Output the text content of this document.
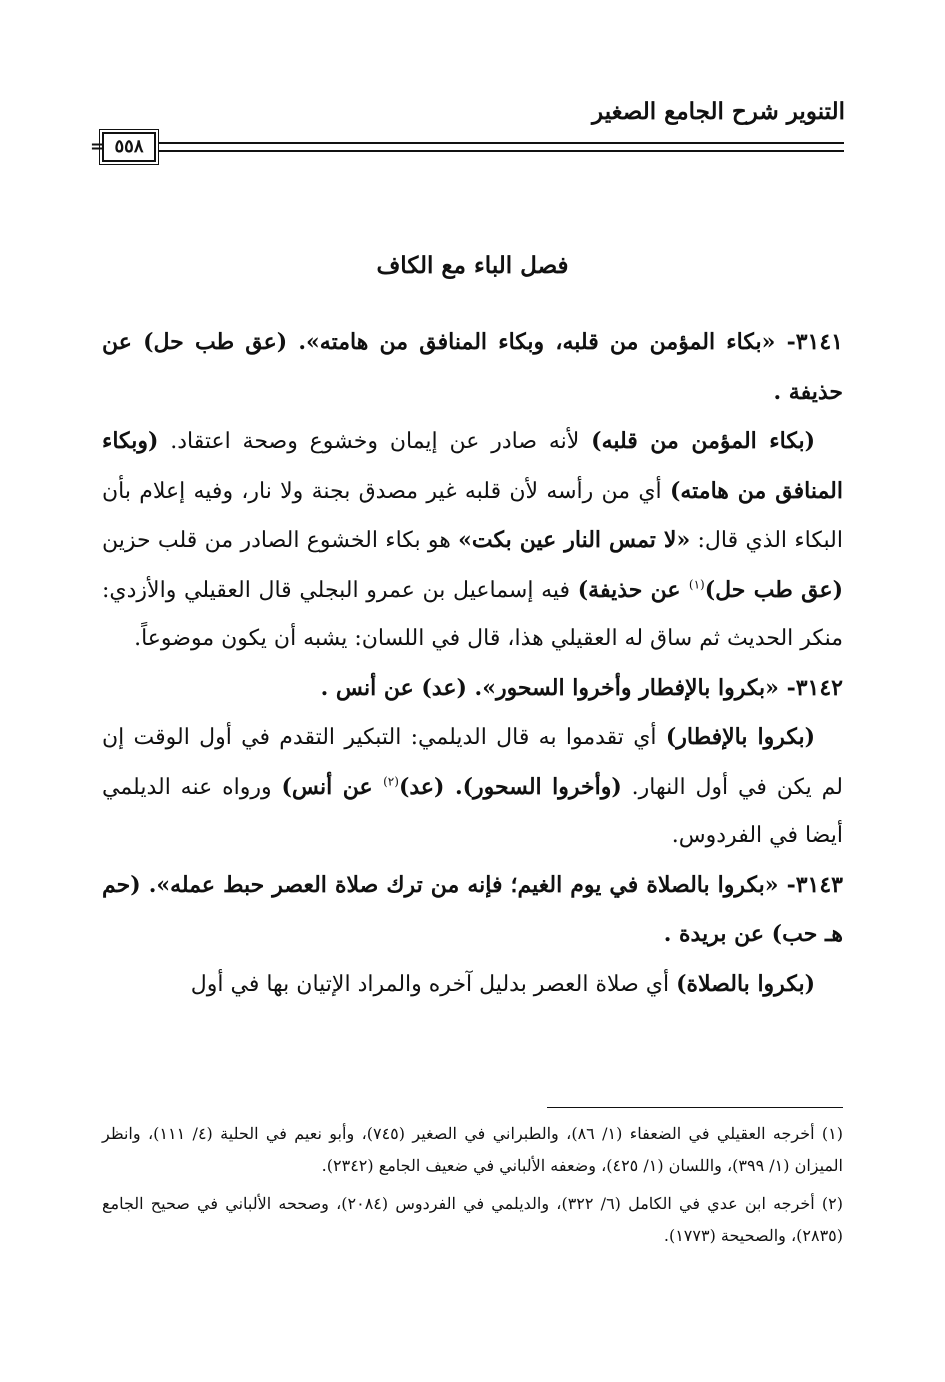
التنوير شرح الجامع الصغير
٥٥٨
=
فصل الباء مع الكاف

٣١٤١- «بكاء المؤمن من قلبه، وبكاء المنافق من هامته». (عق طب حل) عن حذيفة .

(بكاء المؤمن من قلبه) لأنه صادر عن إيمان وخشوع وصحة اعتقاد. (وبكاء المنافق من هامته) أي من رأسه لأن قلبه غير مصدق بجنة ولا نار، وفيه إعلام بأن البكاء الذي قال: «لا تمس النار عين بكت» هو بكاء الخشوع الصادر من قلب حزين (عق طب حل)$^{(١)}$ عن حذيفة) فيه إسماعيل بن عمرو البجلي قال العقيلي والأزدي: منكر الحديث ثم ساق له العقيلي هذا، قال في اللسان: يشبه أن يكون موضوعاً.

٣١٤٢- «بكروا بالإفطار وأخروا السحور». (عد) عن أنس .

(بكروا بالإفطار) أي تقدموا به قال الديلمي: التبكير التقدم في أول الوقت إن لم يكن في أول النهار. (وأخروا السحور). (عد)$^{(٢)}$ عن أنس) ورواه عنه الديلمي أيضا في الفردوس.

٣١٤٣- «بكروا بالصلاة في يوم الغيم؛ فإنه من ترك صلاة العصر حبط عمله». (حم هـ حب) عن بريدة .

(بكروا بالصلاة) أي صلاة العصر بدليل آخره والمراد الإتيان بها في أول

(١) أخرجه العقيلي في الضعفاء (١/ ٨٦)، والطبراني في الصغير (٧٤٥)، وأبو نعيم في الحلية (٤/ ١١١)، وانظر الميزان (١/ ٣٩٩)، واللسان (١/ ٤٢٥)، وضعفه الألباني في ضعيف الجامع (٢٣٤٢).

(٢) أخرجه ابن عدي في الكامل (٦/ ٣٢٢)، والديلمي في الفردوس (٢٠٨٤)، وصححه الألباني في صحيح الجامع (٢٨٣٥)، والصحيحة (١٧٧٣).
